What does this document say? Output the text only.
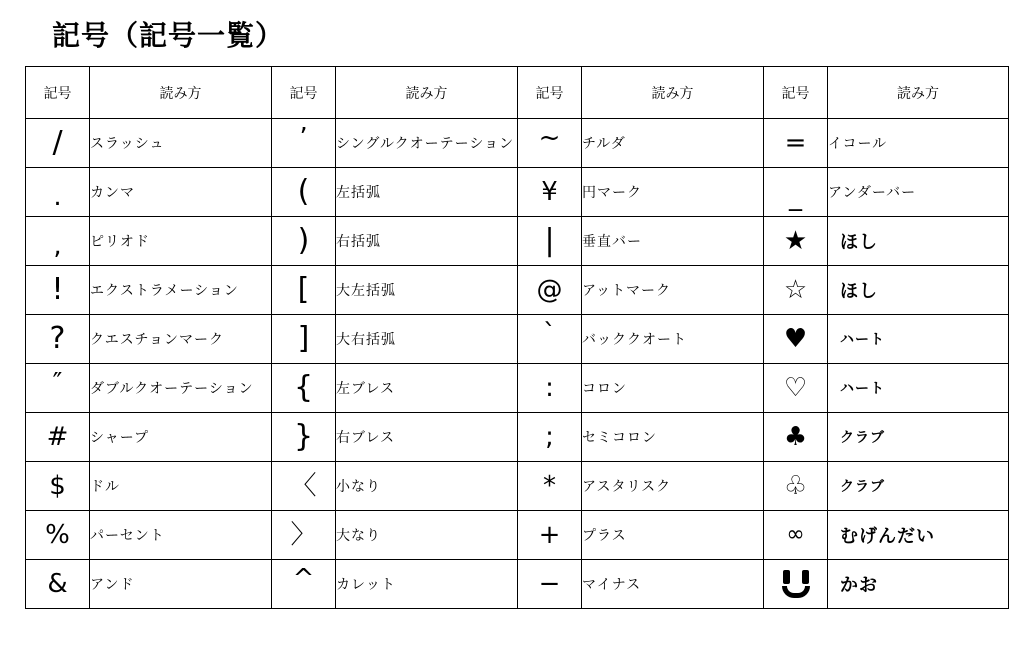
記号（記号一覧）
記号	読み方	記号	読み方	記号	読み方	記号	読み方
/	スラッシュ	’	シングルクオーテーション	~	チルダ	=	イコール
.	カンマ	(	左括弧	¥	円マーク	_	アンダーバー
,	ピリオド	)	右括弧	|	垂直バー	★	ほし
!	エクストラメーション	[	大左括弧	@	アットマーク	☆	ほし
?	クエスチョンマーク	]	大右括弧	`	バッククオート	♥	ハート
″	ダブルクオーテーション	{	左ブレス	:	コロン	♡	ハート
#	シャープ	}	右ブレス	;	セミコロン	♣	クラブ
$	ドル	〈	小なり	*	アスタリスク	♧	クラブ
%	パーセント	〉	大なり	+	プラス	∞	むげんだい
&	アンド	^	カレット	−	マイナス		かお
